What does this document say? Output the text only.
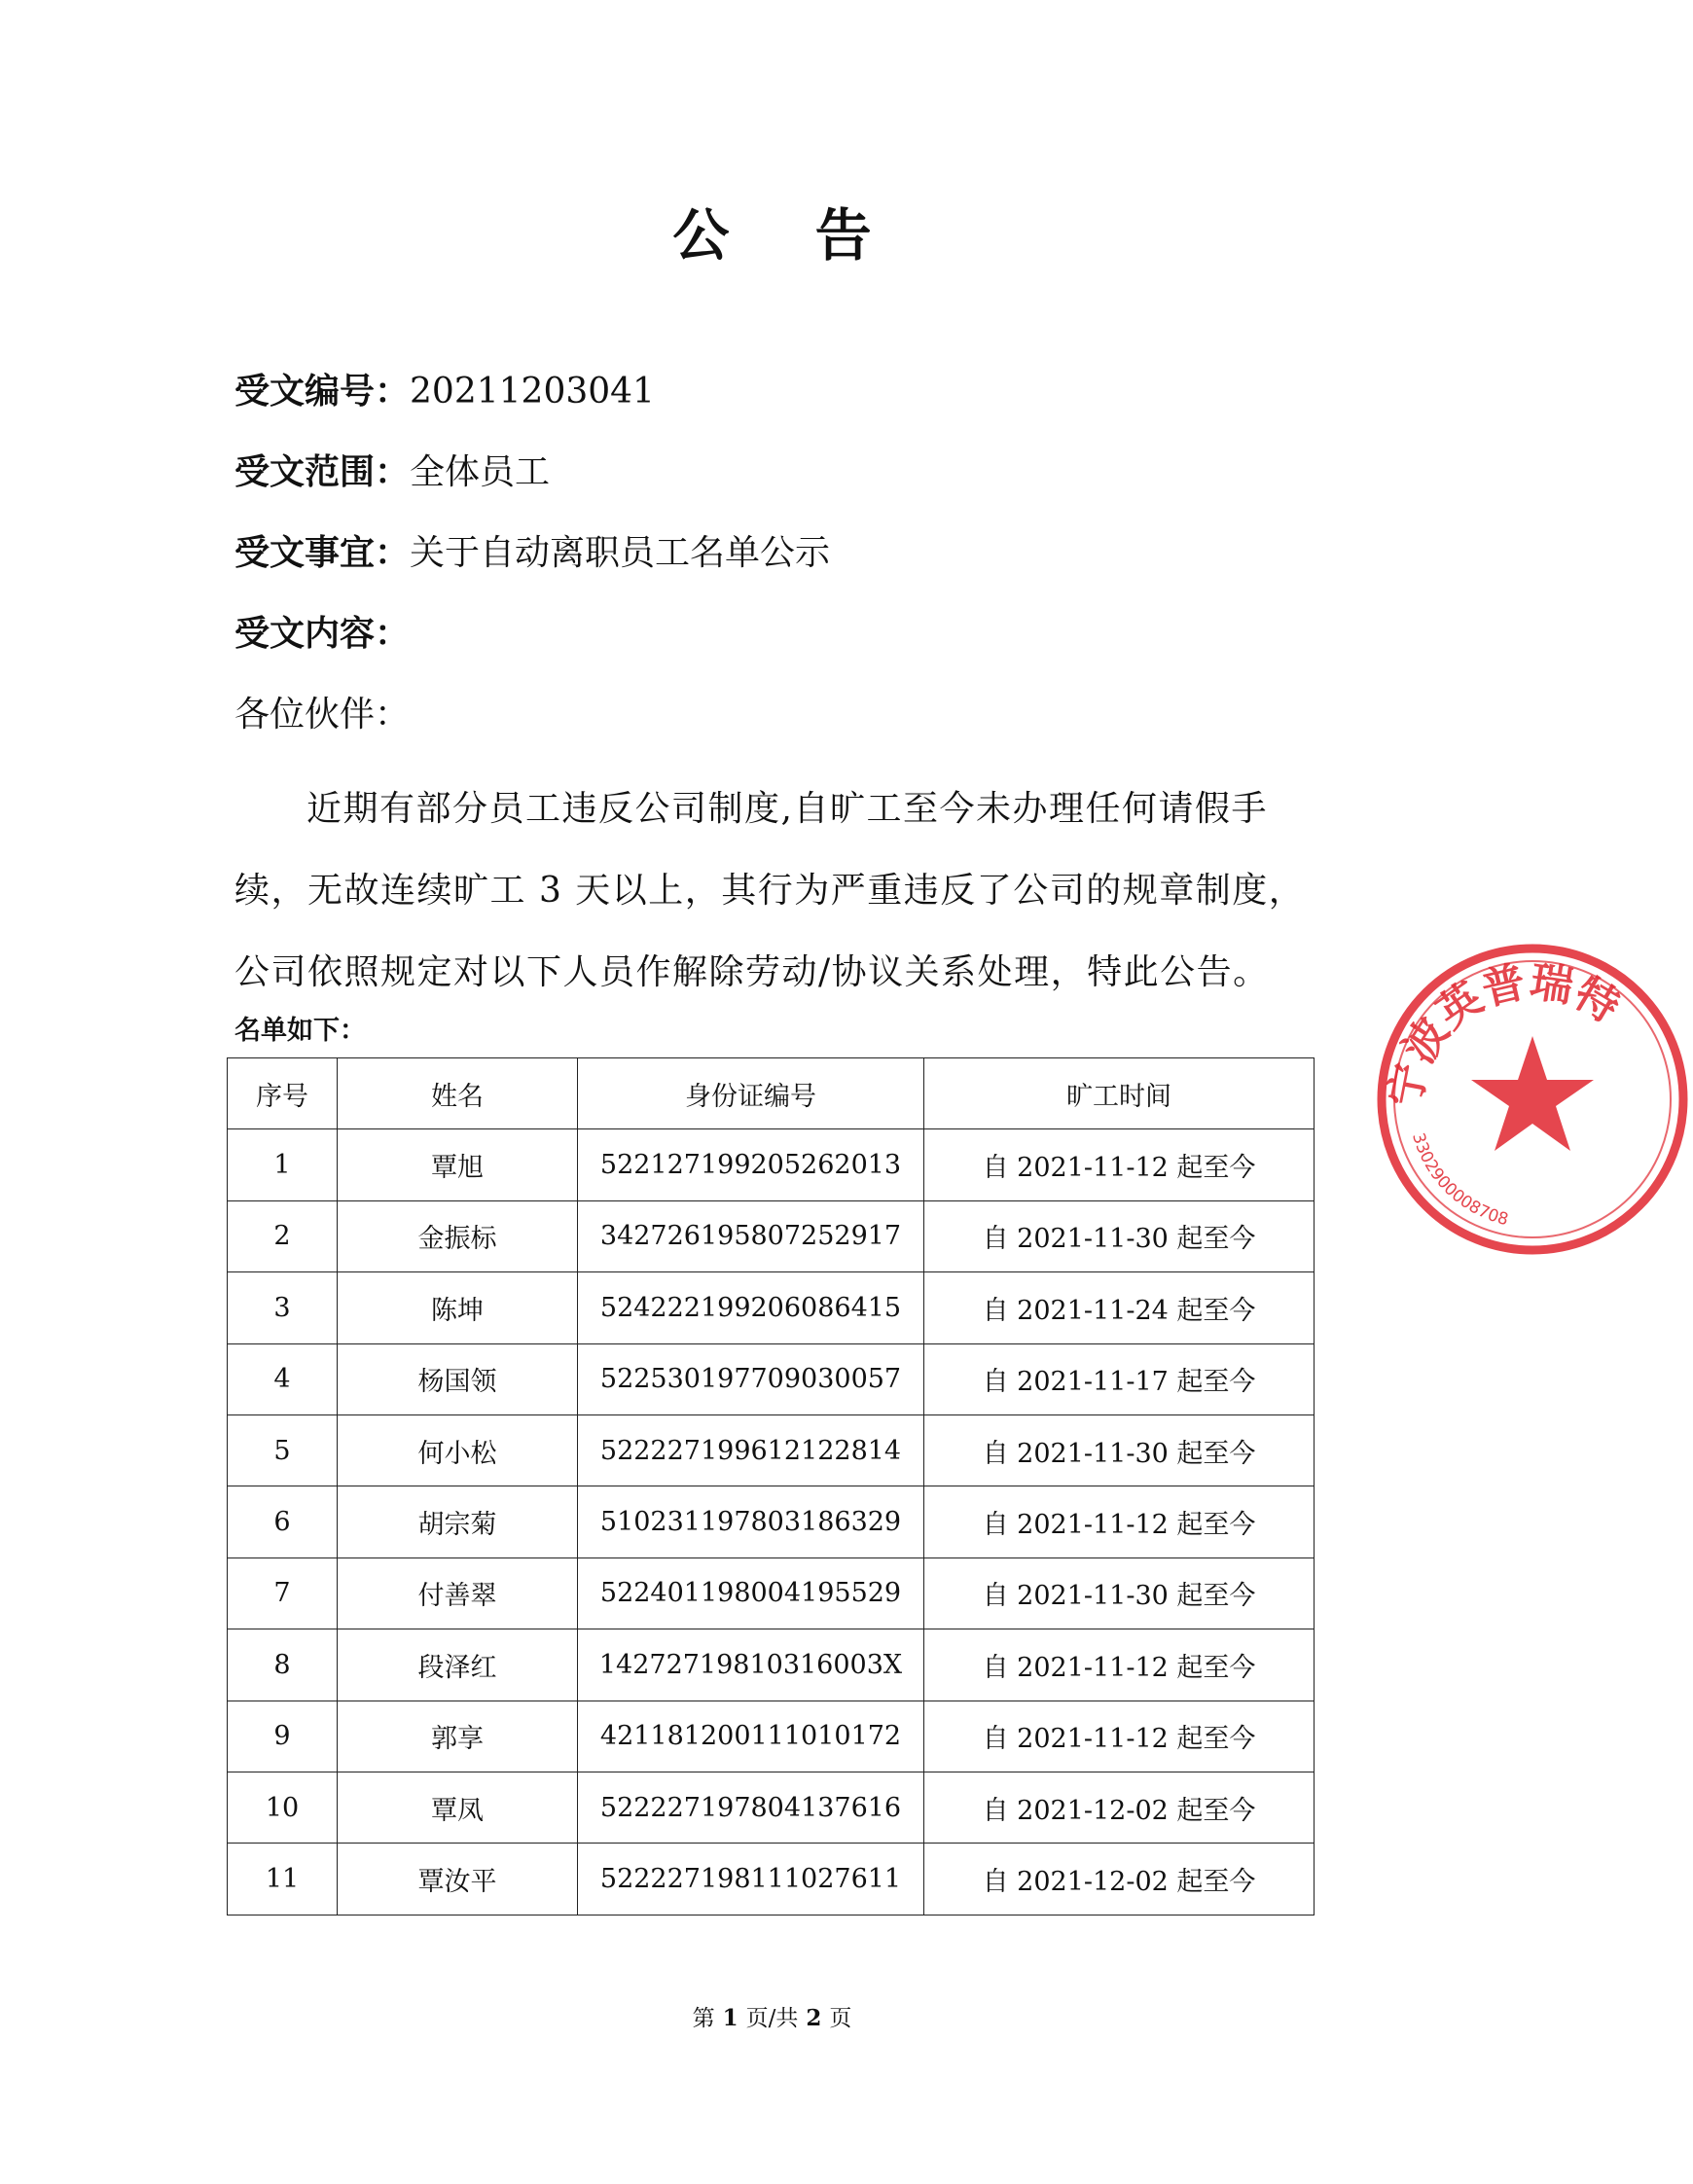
公 告
受文编号：20211203041
受文范围：全体员工
受文事宜：关于自动离职员工名单公示
受文内容：
各位伙伴：
近期有部分员工违反公司制度,自旷工至今未办理任何请假手续，无故连续旷工 3 天以上，其行为严重违反了公司的规章制度，公司依照规定对以下人员作解除劳动/协议关系处理，特此公告。
名单如下：
序号	姓名	身份证编号	旷工时间
1	覃旭	522127199205262013	自 2021-11-12 起至今
2	金振标	342726195807252917	自 2021-11-30 起至今
3	陈坤	524222199206086415	自 2021-11-24 起至今
4	杨国领	522530197709030057	自 2021-11-17 起至今
5	何小松	522227199612122814	自 2021-11-30 起至今
6	胡宗菊	510231197803186329	自 2021-11-12 起至今
7	付善翠	522401198004195529	自 2021-11-30 起至今
8	段泽红	14272719810316003X	自 2021-11-12 起至今
9	郭享	421181200111010172	自 2021-11-12 起至今
10	覃凤	522227197804137616	自 2021-12-02 起至今
11	覃汝平	522227198111027611	自 2021-12-02 起至今
宁波英普瑞特
3302900008708
第 1 页/共 2 页
